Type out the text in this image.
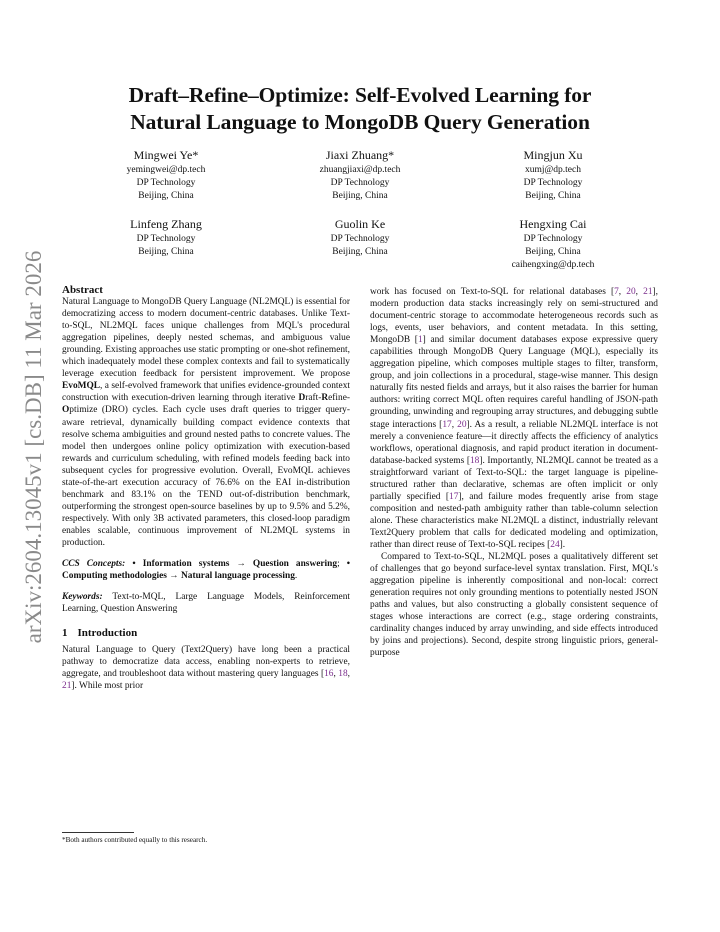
Draft–Refine–Optimize: Self-Evolved Learning for
Natural Language to MongoDB Query Generation
Mingwei Ye*
yemingwei@dp.tech
DP Technology
Beijing, China
Jiaxi Zhuang*
zhuangjiaxi@dp.tech
DP Technology
Beijing, China
Mingjun Xu
xumj@dp.tech
DP Technology
Beijing, China
Linfeng Zhang
DP Technology
Beijing, China
Guolin Ke
DP Technology
Beijing, China
Hengxing Cai
DP Technology
Beijing, China
caihengxing@dp.tech
arXiv:2604.13045v1 [cs.DB] 11 Mar 2026 Abstract

Natural Language to MongoDB Query Language (NL2MQL) is essential for democratizing access to modern document-centric databases. Unlike Text-to-SQL, NL2MQL faces unique challenges from MQL's procedural aggregation pipelines, deeply nested schemas, and ambiguous value grounding. Existing approaches use static prompting or one-shot refinement, which inadequately model these complex contexts and fail to systematically leverage execution feedback for persistent improvement. We propose EvoMQL, a self-evolved framework that unifies evidence-grounded context construction with execution-driven learning through iterative Draft-Refine-Optimize (DRO) cycles. Each cycle uses draft queries to trigger query-aware retrieval, dynamically building compact evidence contexts that resolve schema ambiguities and ground nested paths to concrete values. The model then undergoes online policy optimization with execution-based rewards and curriculum scheduling, with refined models feeding back into subsequent cycles for progressive evolution. Overall, EvoMQL achieves state-of-the-art execution accuracy of 76.6% on the EAI in-distribution benchmark and 83.1% on the TEND out-of-distribution benchmark, outperforming the strongest open-source baselines by up to 9.5% and 5.2%, respectively. With only 3B activated parameters, this closed-loop paradigm enables scalable, continuous improvement of NL2MQL systems in production.

CCS Concepts: • Information systems → Question answering; • Computing methodologies → Natural language processing.

Keywords: Text-to-MQL, Large Language Models, Reinforcement Learning, Question Answering

1 Introduction

Natural Language to Query (Text2Query) have long been a practical pathway to democratize data access, enabling non-experts to retrieve, aggregate, and troubleshoot data without mastering query languages [16, 18, 21]. While most prior

work has focused on Text-to-SQL for relational databases [7, 20, 21], modern production data stacks increasingly rely on semi-structured and document-centric storage to accommodate heterogeneous records such as logs, events, user behaviors, and content metadata. In this setting, MongoDB [1] and similar document databases expose expressive query capabilities through MongoDB Query Language (MQL), especially its aggregation pipeline, which composes multiple stages to filter, transform, group, and join collections in a procedural, stage-wise manner. This design naturally fits nested fields and arrays, but it also raises the barrier for human authors: writing correct MQL often requires careful handling of JSON-path grounding, unwinding and regrouping array structures, and debugging subtle stage interactions [17, 20]. As a result, a reliable NL2MQL interface is not merely a convenience feature—it directly affects the efficiency of analytics workflows, operational diagnosis, and rapid product iteration in document-database-backed systems [18]. Importantly, NL2MQL cannot be treated as a straightforward variant of Text-to-SQL: the target language is pipeline-structured rather than declarative, schemas are often implicit or only partially specified [17], and failure modes frequently arise from stage composition and nested-path ambiguity rather than table-column selection alone. These characteristics make NL2MQL a distinct, industrially relevant Text2Query problem that calls for dedicated modeling and optimization, rather than direct reuse of Text-to-SQL recipes [24].

Compared to Text-to-SQL, NL2MQL poses a qualitatively different set of challenges that go beyond surface-level syntax translation. First, MQL's aggregation pipeline is inherently compositional and non-local: correct generation requires not only grounding mentions to potentially nested JSON paths and values, but also constructing a globally consistent sequence of stages whose interactions are correct (e.g., stage ordering constraints, cardinality changes induced by array unwinding, and side effects introduced by joins and projections). Second, despite strong linguistic priors, general-purpose

*Both authors contributed equally to this research.
